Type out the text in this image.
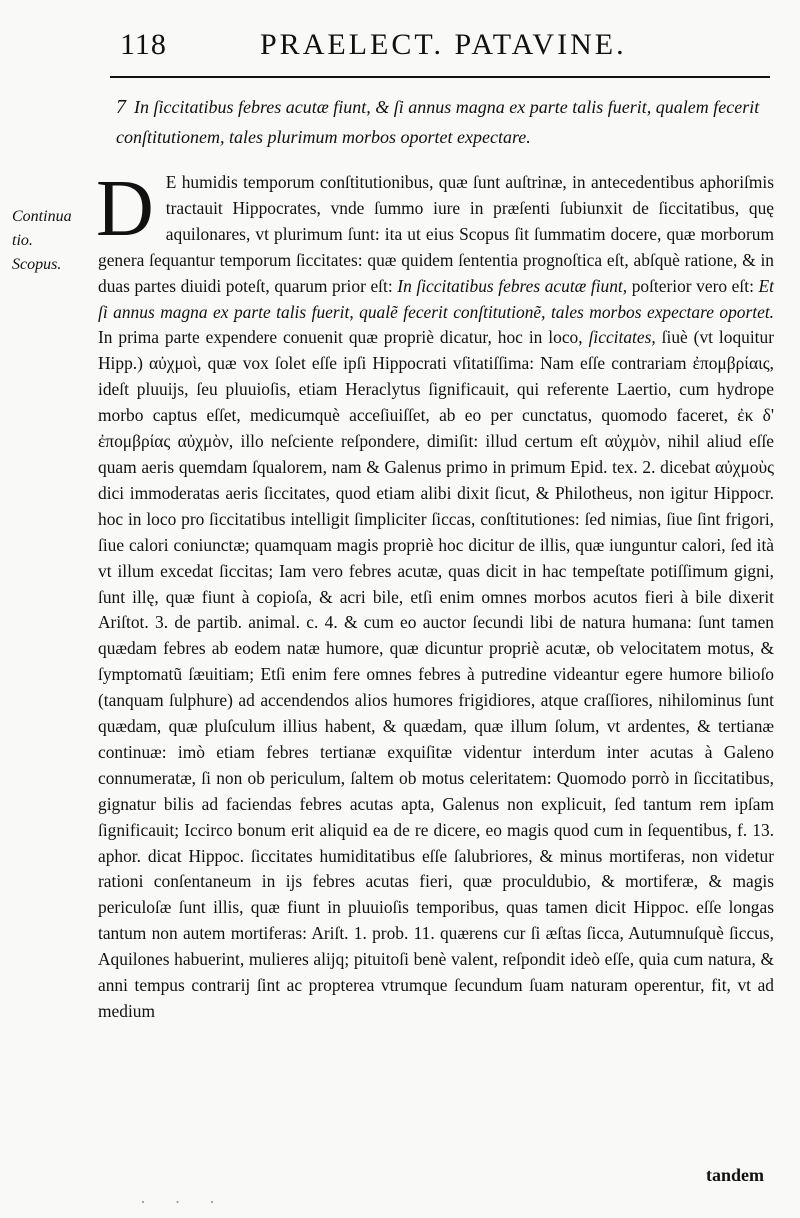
118	PRAELECT. PATAVINE.
7 In ſiccitatibus febres acutæ fiunt, & ſi annus magna ex parte talis fuerit, qualem fecerit conſtitutionem, tales plurimum morbos oportet expectare.
Continua
tio.
Scopus.
D E humidis temporum conſtitutionibus, quæ ſunt auſtrinæ, in antecedentibus aphoriſmis tractauit Hippocrates, vnde ſummo iure in præſenti ſubiunxit de ſiccitatibus, quę aquilonares, vt plurimum ſunt: ita ut eius Scopus ſit ſummatim docere, quæ morborum genera ſequantur temporum ſiccitates: quæ quidem ſententia prognoſtica eſt, abſquè ratione, & in duas partes diuidi poteſt, quarum prior eſt: In ſiccitatibus febres acutæ fiunt, poſterior vero eſt: Et ſi annus magna ex parte talis fuerit, qualẽ fecerit conſtitutionẽ, tales morbos expectare oportet. In prima parte expendere conuenit quæ propriè dicatur, hoc in loco, ſiccitates, ſiuè (vt loquitur Hipp.) αὐχμοὶ, quæ vox ſolet eſſe ipſi Hippocrati vſitatiſſima: Nam eſſe contrariam ἐπομβρίαις, ideſt pluuijs, ſeu pluuioſis, etiam Heraclytus ſignificauit, qui referente Laertio, cum hydrope morbo captus eſſet, medicumquè acceſiuiſſet, ab eo per cunctatus, quomodo faceret, ἐκ δ' ἐπομβρίας αὐχμὸν, illo neſciente reſpondere, dimiſit: illud certum eſt αὐχμὸν, nihil aliud eſſe quam aeris quemdam ſqualorem, nam & Galenus primo in primum Epid. tex. 2. dicebat αὐχμοὺς dici immoderatas aeris ſiccitates, quod etiam alibi dixit ſicut, & Philotheus, non igitur Hippocr. hoc in loco pro ſiccitatibus intelligit ſimpliciter ſiccas, conſtitutiones: ſed nimias, ſiue ſint frigori, ſiue calori coniunctæ; quamquam magis propriè hoc dicitur de illis, quæ iunguntur calori, ſed ità vt illum excedat ſiccitas; Iam vero febres acutæ, quas dicit in hac tempeſtate potiſſimum gigni, ſunt illę, quæ fiunt à copioſa, & acri bile, etſi enim omnes morbos acutos fieri à bile dixerit Ariſtot. 3. de partib. animal. c. 4. & cum eo auctor ſecundi libi de natura humana: ſunt tamen quædam febres ab eodem natæ humore, quæ dicuntur propriè acutæ, ob velocitatem motus, & ſymptomatũ ſæuitiam; Etſi enim fere omnes febres à putredine videantur egere humore bilioſo (tanquam ſulphure) ad accendendos alios humores frigidiores, atque craſſiores, nihilominus ſunt quædam, quæ pluſculum illius habent, & quædam, quæ illum ſolum, vt ardentes, & tertianæ continuæ: imò etiam febres tertianæ exquiſitæ videntur interdum inter acutas à Galeno connumeratæ, ſi non ob periculum, ſaltem ob motus celeritatem: Quomodo porrò in ſiccitatibus, gignatur bilis ad faciendas febres acutas apta, Galenus non explicuit, ſed tantum rem ipſam ſignificauit; Iccirco bonum erit aliquid ea de re dicere, eo magis quod cum in ſequentibus, f. 13. aphor. dicat Hippoc. ſiccitates humiditatibus eſſe ſalubriores, & minus mortiferas, non videtur rationi conſentaneum in ijs febres acutas fieri, quæ proculdubio, & mortiferæ, & magis periculoſæ ſunt illis, quæ fiunt in pluuioſis temporibus, quas tamen dicit Hippoc. eſſe longas tantum non autem mortiferas: Ariſt. 1. prob. 11. quærens cur ſi æſtas ſicca, Autumnuſquè ſiccus, Aquilones habuerint, mulieres alijq; pituitoſi benè valent, reſpondit ideò eſſe, quia cum natura, & anni tempus contrarij ſint ac propterea vtrumque ſecundum ſuam naturam operentur, fit, vt ad medium
tandem
· · ·
